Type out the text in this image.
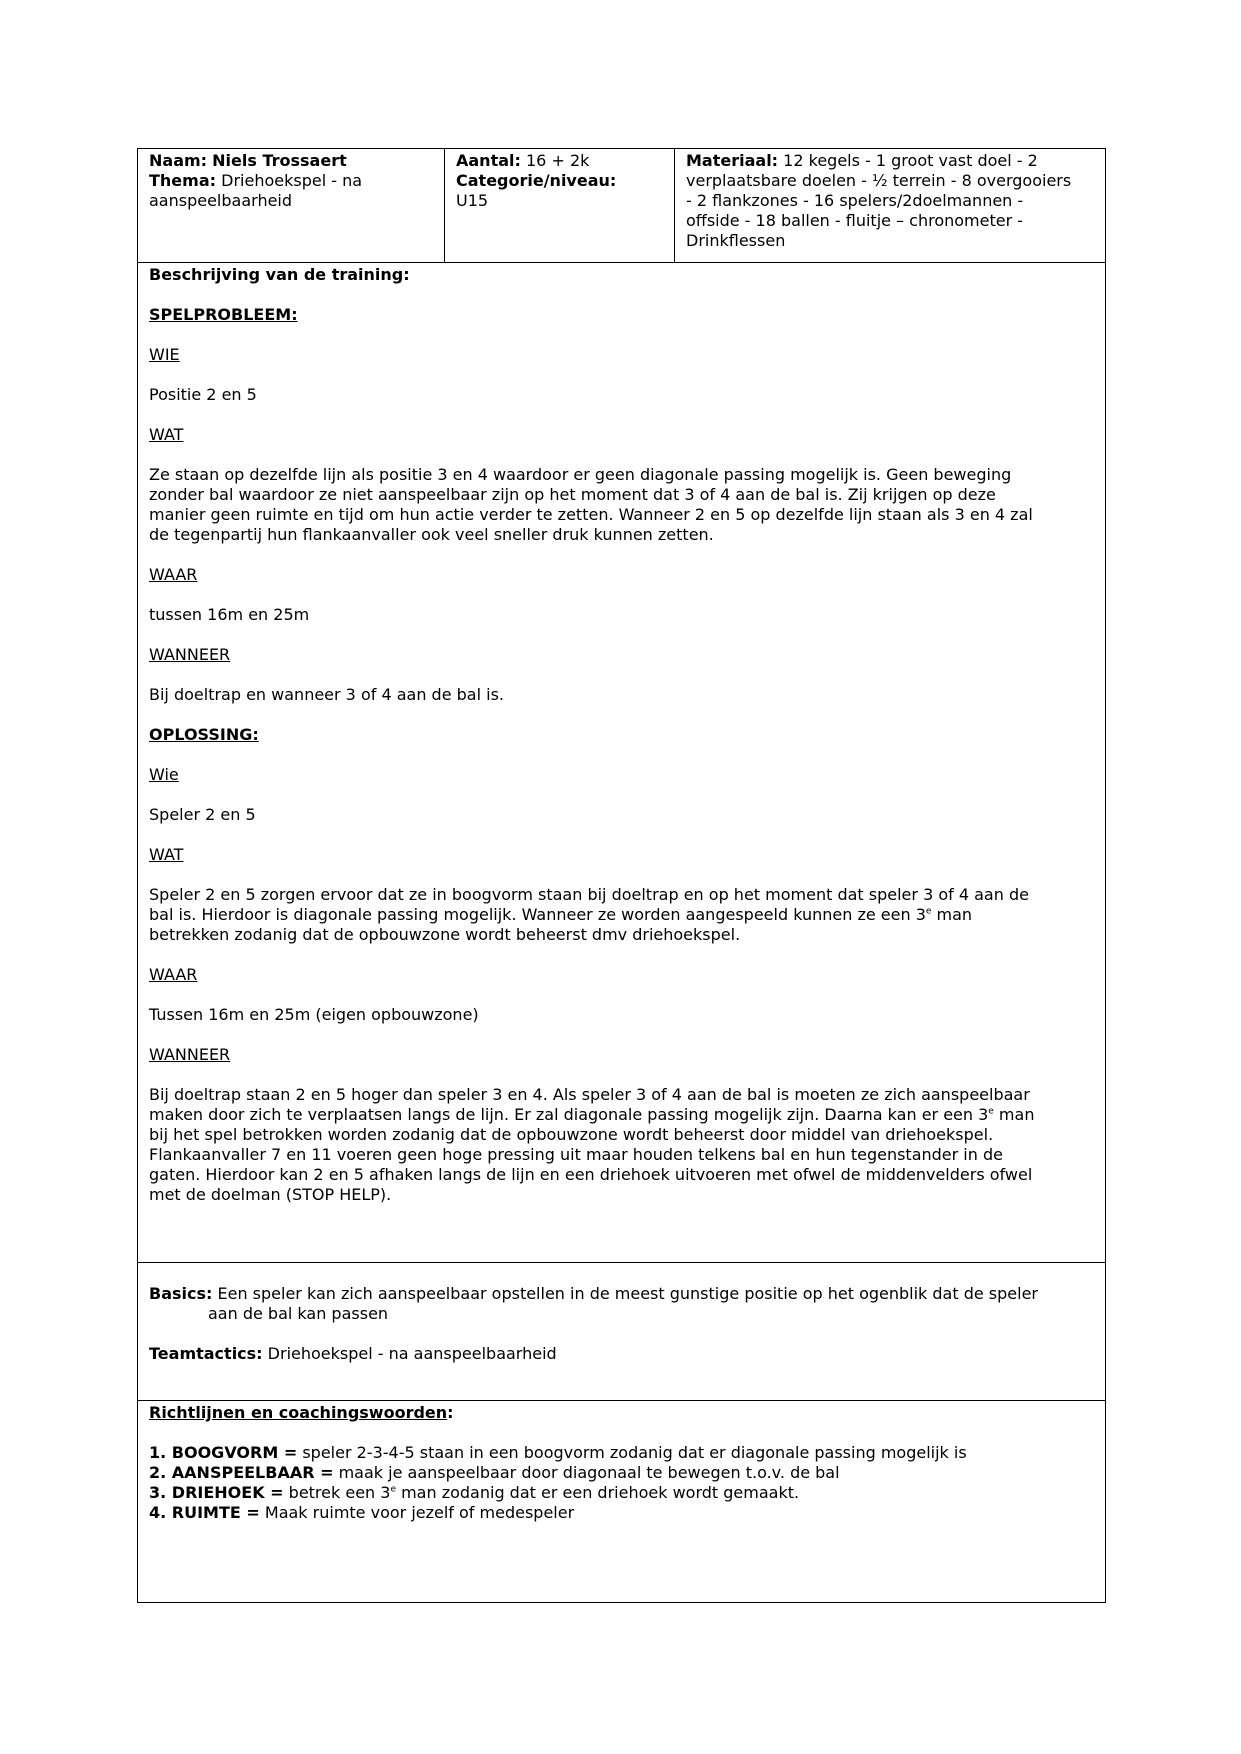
Naam: Niels Trossaert
Thema: Driehoekspel - na
aanspeelbaarheid
Aantal: 16 + 2k
Categorie/niveau:
U15
Materiaal: 12 kegels - 1 groot vast doel - 2
verplaatsbare doelen - ½ terrein - 8 overgooiers
- 2 flankzones - 16 spelers/2doelmannen -
offside - 18 ballen - fluitje – chronometer -
Drinkflessen

Beschrijving van de training:

SPELPROBLEEM:

WIE

Positie 2 en 5

WAT

Ze staan op dezelfde lijn als positie 3 en 4 waardoor er geen diagonale passing mogelijk is. Geen beweging
zonder bal waardoor ze niet aanspeelbaar zijn op het moment dat 3 of 4 aan de bal is. Zij krijgen op deze
manier geen ruimte en tijd om hun actie verder te zetten. Wanneer 2 en 5 op dezelfde lijn staan als 3 en 4 zal
de tegenpartij hun flankaanvaller ook veel sneller druk kunnen zetten.

WAAR

tussen 16m en 25m

WANNEER

Bij doeltrap en wanneer 3 of 4 aan de bal is.

OPLOSSING:

Wie

Speler 2 en 5

WAT

Speler 2 en 5 zorgen ervoor dat ze in boogvorm staan bij doeltrap en op het moment dat speler 3 of 4 aan de
bal is. Hierdoor is diagonale passing mogelijk. Wanneer ze worden aangespeeld kunnen ze een 3e man
betrekken zodanig dat de opbouwzone wordt beheerst dmv driehoekspel.

WAAR

Tussen 16m en 25m (eigen opbouwzone)

WANNEER

Bij doeltrap staan 2 en 5 hoger dan speler 3 en 4. Als speler 3 of 4 aan de bal is moeten ze zich aanspeelbaar
maken door zich te verplaatsen langs de lijn. Er zal diagonale passing mogelijk zijn. Daarna kan er een 3e man
bij het spel betrokken worden zodanig dat de opbouwzone wordt beheerst door middel van driehoekspel.
Flankaanvaller 7 en 11 voeren geen hoge pressing uit maar houden telkens bal en hun tegenstander in de
gaten. Hierdoor kan 2 en 5 afhaken langs de lijn en een driehoek uitvoeren met ofwel de middenvelders ofwel
met de doelman (STOP HELP).

Basics: Een speler kan zich aanspeelbaar opstellen in de meest gunstige positie op het ogenblik dat de speler
aan de bal kan passen

Teamtactics: Driehoekspel - na aanspeelbaarheid

Richtlijnen en coachingswoorden:

1. BOOGVORM = speler 2-3-4-5 staan in een boogvorm zodanig dat er diagonale passing mogelijk is
2. AANSPEELBAAR = maak je aanspeelbaar door diagonaal te bewegen t.o.v. de bal
3. DRIEHOEK = betrek een 3e man zodanig dat er een driehoek wordt gemaakt.
4. RUIMTE = Maak ruimte voor jezelf of medespeler
